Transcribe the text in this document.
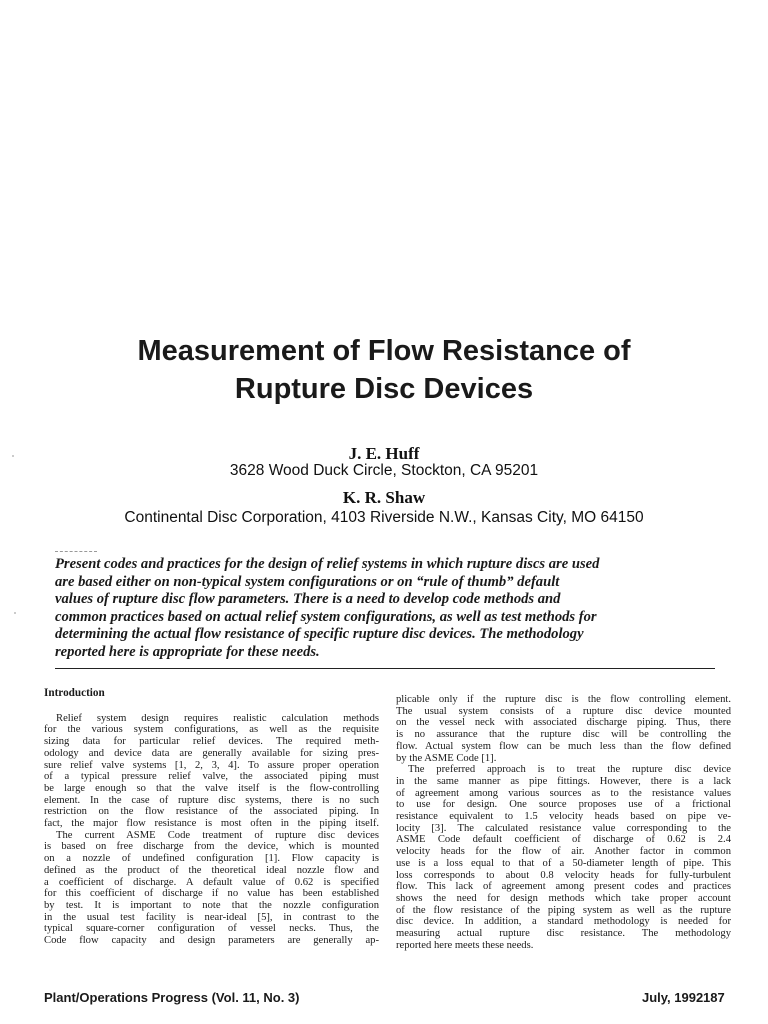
Measurement of Flow Resistance of
Rupture Disc Devices
J. E. Huff
3628 Wood Duck Circle, Stockton, CA 95201
K. R. Shaw
Continental Disc Corporation, 4103 Riverside N.W., Kansas City, MO 64150
Present codes and practices for the design of relief systems in which rupture discs are used
are based either on non-typical system configurations or on “rule of thumb” default
values of rupture disc flow parameters. There is a need to develop code methods and
common practices based on actual relief system configurations, as well as test methods for
determining the actual flow resistance of specific rupture disc devices. The methodology
reported here is appropriate for these needs.
Introduction
Relief system design requires realistic calculation methods
for the various system configurations, as well as the requisite
sizing data for particular relief devices. The required meth-
odology and device data are generally available for sizing pres-
sure relief valve systems [1, 2, 3, 4]. To assure proper operation
of a typical pressure relief valve, the associated piping must
be large enough so that the valve itself is the flow-controlling
element. In the case of rupture disc systems, there is no such
restriction on the flow resistance of the associated piping. In
fact, the major flow resistance is most often in the piping itself.
The current ASME Code treatment of rupture disc devices
is based on free discharge from the device, which is mounted
on a nozzle of undefined configuration [1]. Flow capacity is
defined as the product of the theoretical ideal nozzle flow and
a coefficient of discharge. A default value of 0.62 is specified
for this coefficient of discharge if no value has been established
by test. It is important to note that the nozzle configuration
in the usual test facility is near-ideal [5], in contrast to the
typical square-corner configuration of vessel necks. Thus, the
Code flow capacity and design parameters are generally ap-
plicable only if the rupture disc is the flow controlling element.
The usual system consists of a rupture disc device mounted
on the vessel neck with associated discharge piping. Thus, there
is no assurance that the rupture disc will be controlling the
flow. Actual system flow can be much less than the flow defined
by the ASME Code [1].
The preferred approach is to treat the rupture disc device
in the same manner as pipe fittings. However, there is a lack
of agreement among various sources as to the resistance values
to use for design. One source proposes use of a frictional
resistance equivalent to 1.5 velocity heads based on pipe ve-
locity [3]. The calculated resistance value corresponding to the
ASME Code default coefficient of discharge of 0.62 is 2.4
velocity heads for the flow of air. Another factor in common
use is a loss equal to that of a 50-diameter length of pipe. This
loss corresponds to about 0.8 velocity heads for fully-turbulent
flow. This lack of agreement among present codes and practices
shows the need for design methods which take proper account
of the flow resistance of the piping system as well as the rupture
disc device. In addition, a standard methodology is needed for
measuring actual rupture disc resistance. The methodology
reported here meets these needs.
Plant/Operations Progress (Vol. 11, No. 3)	July, 1992 187
